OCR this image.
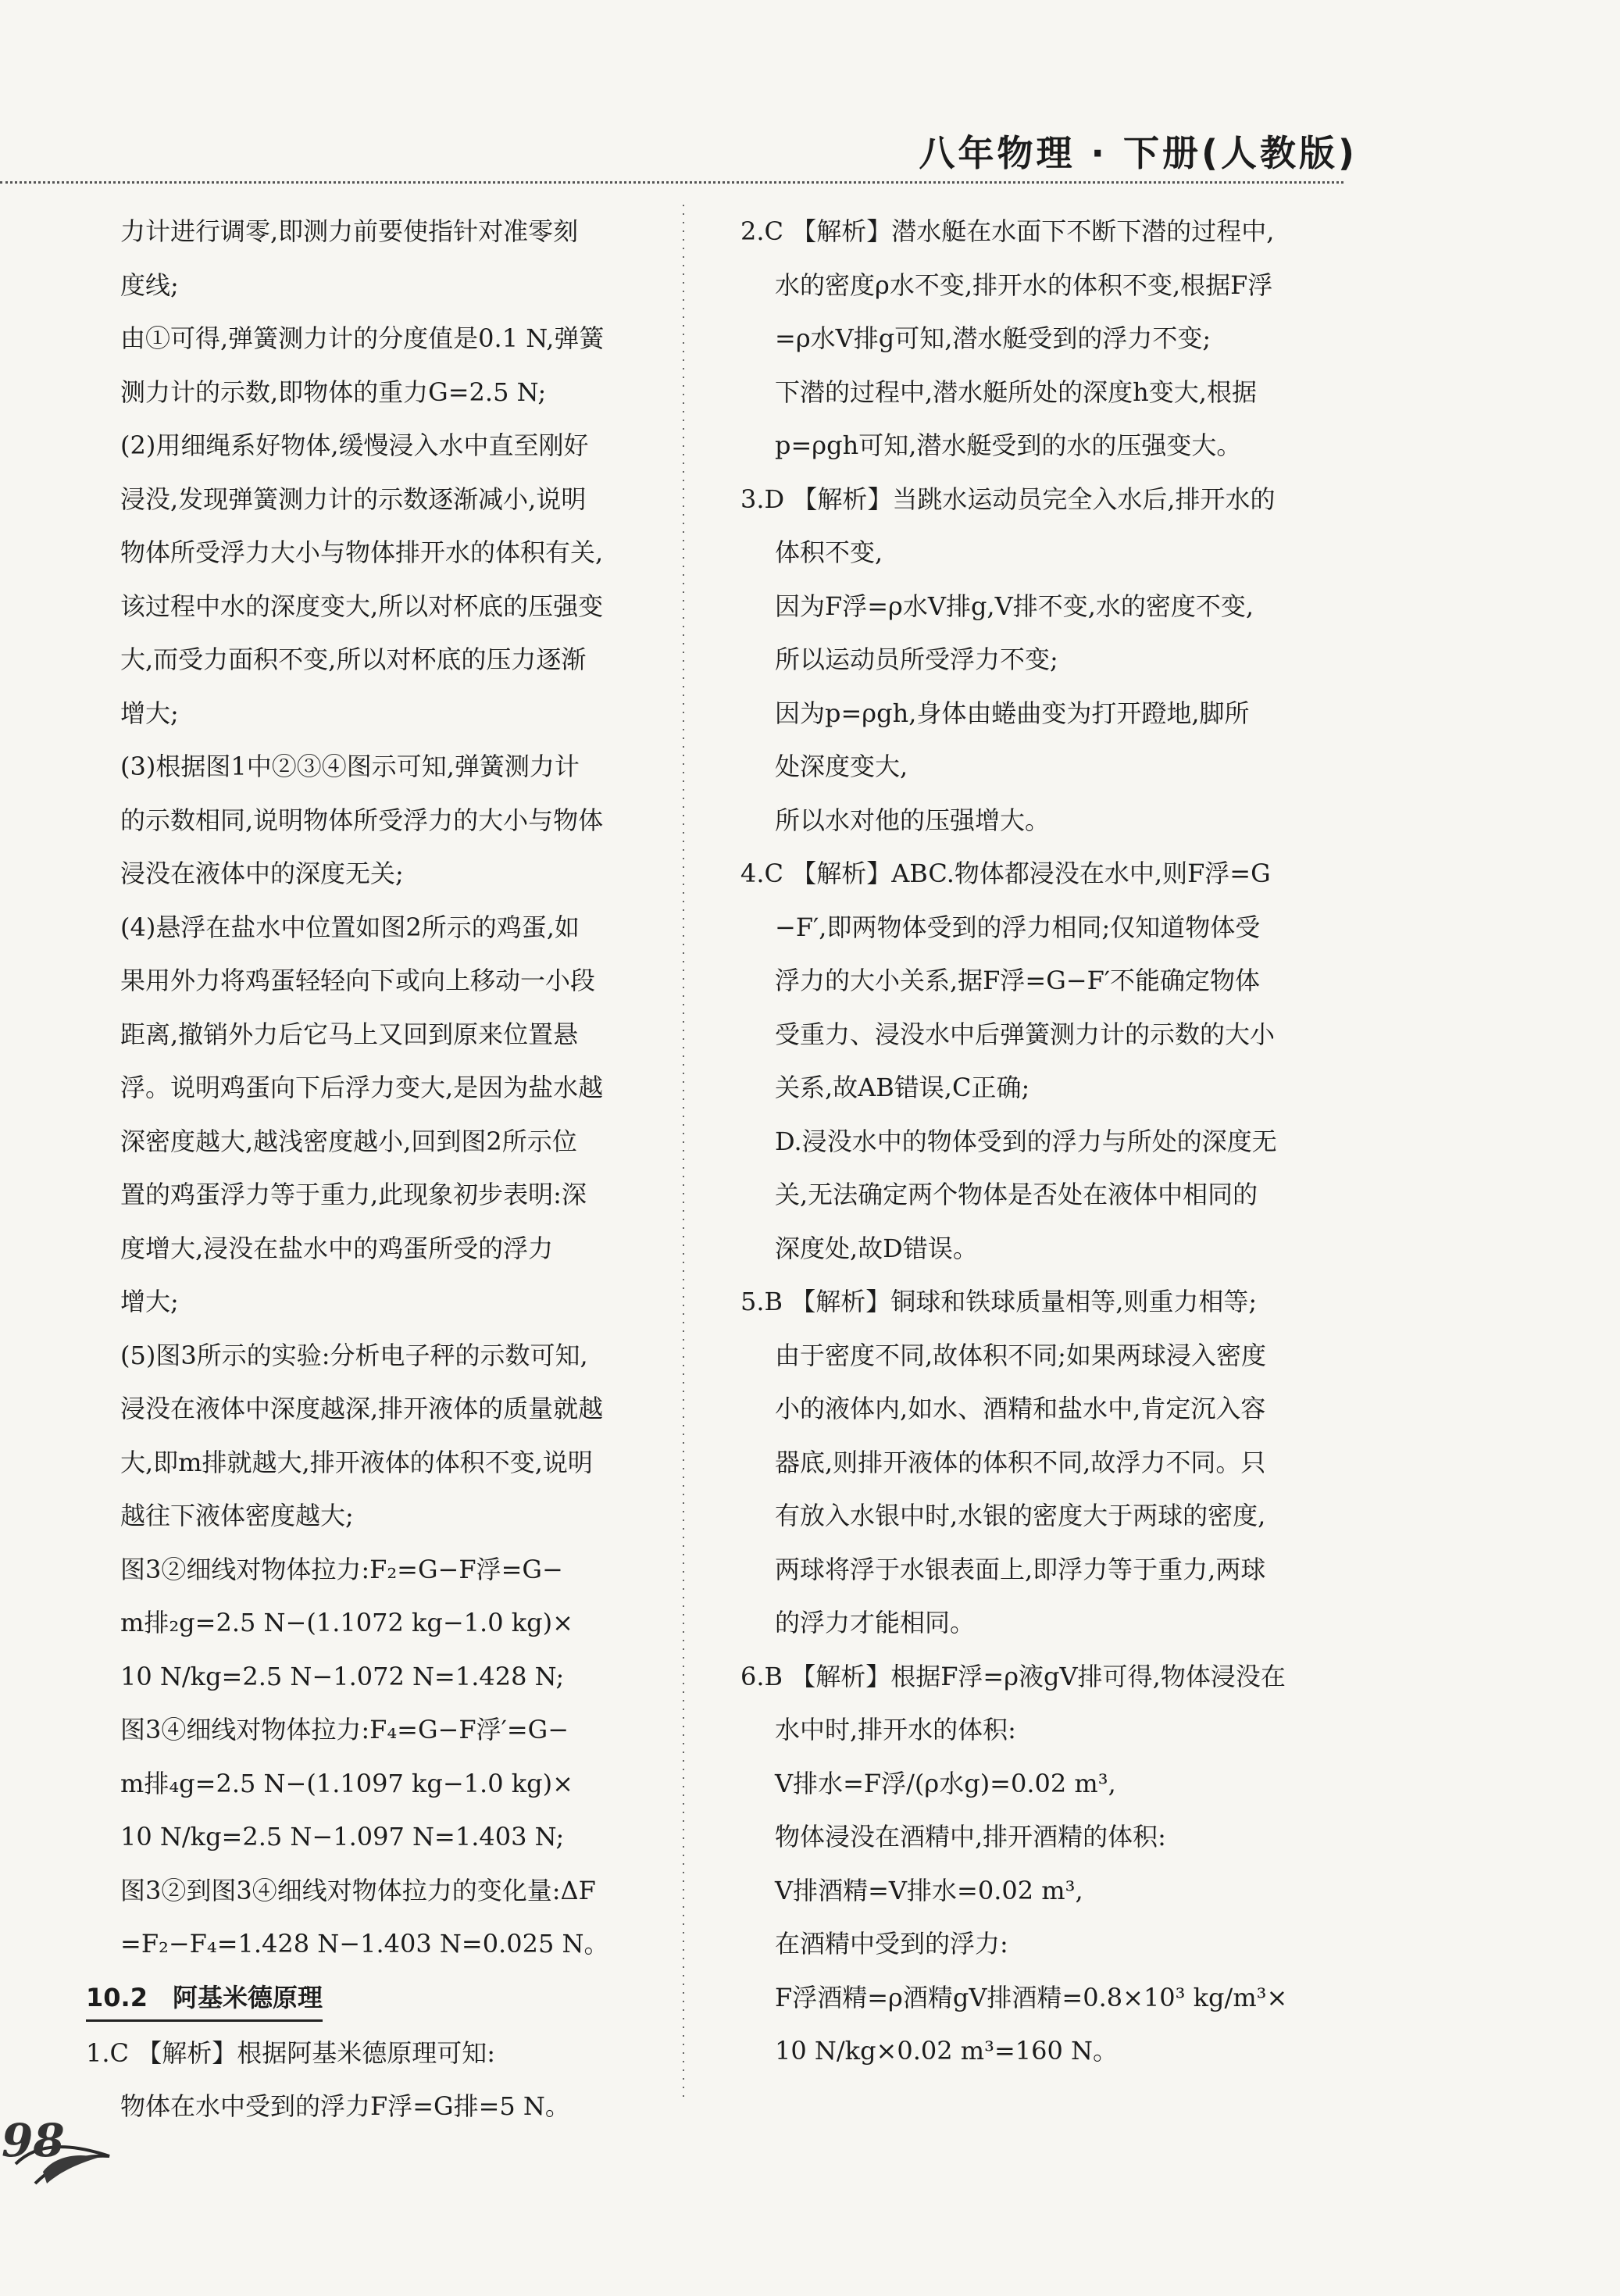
八年物理 · 下册(人教版)
力计进行调零,即测力前要使指针对准零刻
度线;
由①可得,弹簧测力计的分度值是0.1 N,弹簧
测力计的示数,即物体的重力G=2.5 N;
(2)用细绳系好物体,缓慢浸入水中直至刚好
浸没,发现弹簧测力计的示数逐渐减小,说明
物体所受浮力大小与物体排开水的体积有关,
该过程中水的深度变大,所以对杯底的压强变
大,而受力面积不变,所以对杯底的压力逐渐
增大;
(3)根据图1中②③④图示可知,弹簧测力计
的示数相同,说明物体所受浮力的大小与物体
浸没在液体中的深度无关;
(4)悬浮在盐水中位置如图2所示的鸡蛋,如
果用外力将鸡蛋轻轻向下或向上移动一小段
距离,撤销外力后它马上又回到原来位置悬
浮。说明鸡蛋向下后浮力变大,是因为盐水越
深密度越大,越浅密度越小,回到图2所示位
置的鸡蛋浮力等于重力,此现象初步表明:深
度增大,浸没在盐水中的鸡蛋所受的浮力
增大;
(5)图3所示的实验:分析电子秤的示数可知,
浸没在液体中深度越深,排开液体的质量就越
大,即m排就越大,排开液体的体积不变,说明
越往下液体密度越大;
图3②细线对物体拉力:F₂=G−F浮=G−
m排₂g=2.5 N−(1.1072 kg−1.0 kg)×
10 N/kg=2.5 N−1.072 N=1.428 N;
图3④细线对物体拉力:F₄=G−F浮′=G−
m排₄g=2.5 N−(1.1097 kg−1.0 kg)×
10 N/kg=2.5 N−1.097 N=1.403 N;
图3②到图3④细线对物体拉力的变化量:ΔF
=F₂−F₄=1.428 N−1.403 N=0.025 N。
10.2　阿基米德原理
1.C 【解析】根据阿基米德原理可知:
物体在水中受到的浮力F浮=G排=5 N。
2.C 【解析】潜水艇在水面下不断下潜的过程中,
水的密度ρ水不变,排开水的体积不变,根据F浮
=ρ水V排g可知,潜水艇受到的浮力不变;
下潜的过程中,潜水艇所处的深度h变大,根据
p=ρgh可知,潜水艇受到的水的压强变大。
3.D 【解析】当跳水运动员完全入水后,排开水的
体积不变,
因为F浮=ρ水V排g,V排不变,水的密度不变,
所以运动员所受浮力不变;
因为p=ρgh,身体由蜷曲变为打开蹬地,脚所
处深度变大,
所以水对他的压强增大。
4.C 【解析】ABC.物体都浸没在水中,则F浮=G
−F′,即两物体受到的浮力相同;仅知道物体受
浮力的大小关系,据F浮=G−F′不能确定物体
受重力、浸没水中后弹簧测力计的示数的大小
关系,故AB错误,C正确;
D.浸没水中的物体受到的浮力与所处的深度无
关,无法确定两个物体是否处在液体中相同的
深度处,故D错误。
5.B 【解析】铜球和铁球质量相等,则重力相等;
由于密度不同,故体积不同;如果两球浸入密度
小的液体内,如水、酒精和盐水中,肯定沉入容
器底,则排开液体的体积不同,故浮力不同。只
有放入水银中时,水银的密度大于两球的密度,
两球将浮于水银表面上,即浮力等于重力,两球
的浮力才能相同。
6.B 【解析】根据F浮=ρ液gV排可得,物体浸没在
水中时,排开水的体积:
V排水=F浮/(ρ水g)=0.02 m³,
物体浸没在酒精中,排开酒精的体积:
V排酒精=V排水=0.02 m³,
在酒精中受到的浮力:
F浮酒精=ρ酒精gV排酒精=0.8×10³ kg/m³×
10 N/kg×0.02 m³=160 N。
98
